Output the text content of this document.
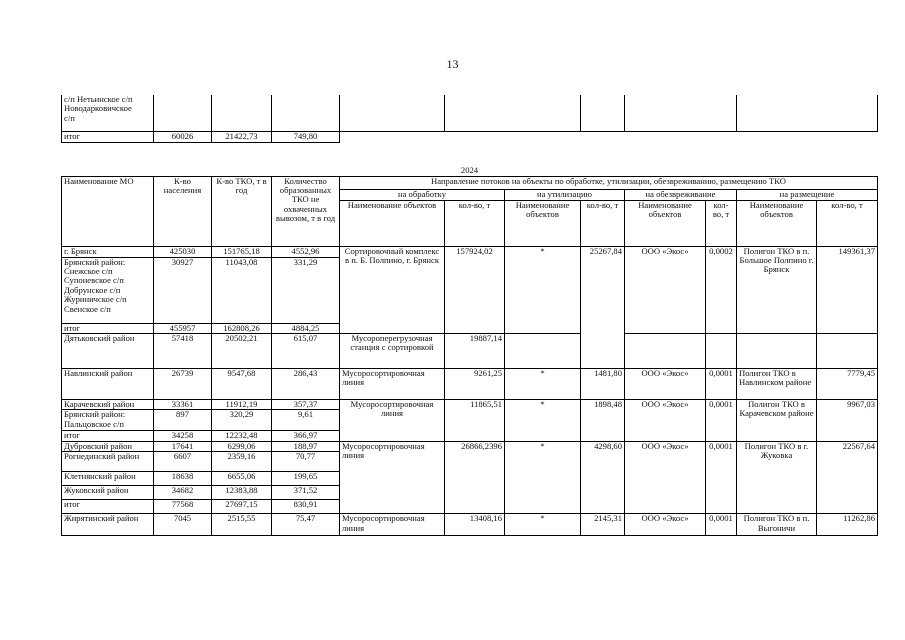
13
с/п Нетьинское с/п
Новодарковичское
с/п											

итог	60026	21422,73	749,80								
2024												
Наименование МО	К-во населения	К-во ТКО, т в год	Количество образованных ТКО не охваченных вывозом, т в год	Направление потоков на объекты по обработке, утилизации, обезвреживанию, размещению ТКО								
				на обработку		на утилизацию		на обезвреживание		на размещение		
				Наименование объектов	кол-во, т	Наименование объектов	кол-во, т	Наименование объектов	кол- во, т	Наименование объектов	кол-во, т	
г. Брянск	425030	151765,18	4552,96	Сортировочный комплекс в п. Б. Полпино, г. Брянск	157924,02	*	25267,84	ООО «Экос»	0,0002	Полигон ТКО в п. Большое Полпино г. Брянск	149361,37	
Брянский район: Снежское с/п Супоневское с/п Добрунское с/п Журиничское с/п Свенское с/п	30927	11043,08	331,29									
итог	455957	162808,26	4884,25									
Дятьковский район	57418	20502,21	615,07	Мусороперегрузочная станция с сортировкой	19887,14							
Навлинский район	26739	9547,68	286,43	Мусоросортировочная линия	9261,25	*	1481,80	ООО «Экос»	0,0001	Полигон ТКО в Навлинском районе	7779,45	
Карачевский район	33361	11912,19	357,37	Мусоросортировочная линия	11865,51	*	1898,48	ООО «Экос»	0,0001	Полигон ТКО в Карачевском районе	9967,03	
Брянский район: Пальцовское с/п	897	320,29	9,61									
итог	34258	12232,48	366,97									
Дубровский район	17641	6299,06	188,97	Мусоросортировочная линия	26866,2396	*	4298,60	ООО «Экос»	0,0001	Полигон ТКО в г. Жуковка	22567,64	
Рогнединский район	6607	2359,16	70,77									
Клетнянский район	18638	6655,06	199,65									
Жуковский район	34682	12383,88	371,52									
итог	77568	27697,15	830,91									
Жирятинский район	7045	2515,55	75,47	Мусоросортировочная линия	13408,16	*	2145,31	ООО «Экос»	0,0001	Полигон ТКО в п. Выгоничи	11262,86	
